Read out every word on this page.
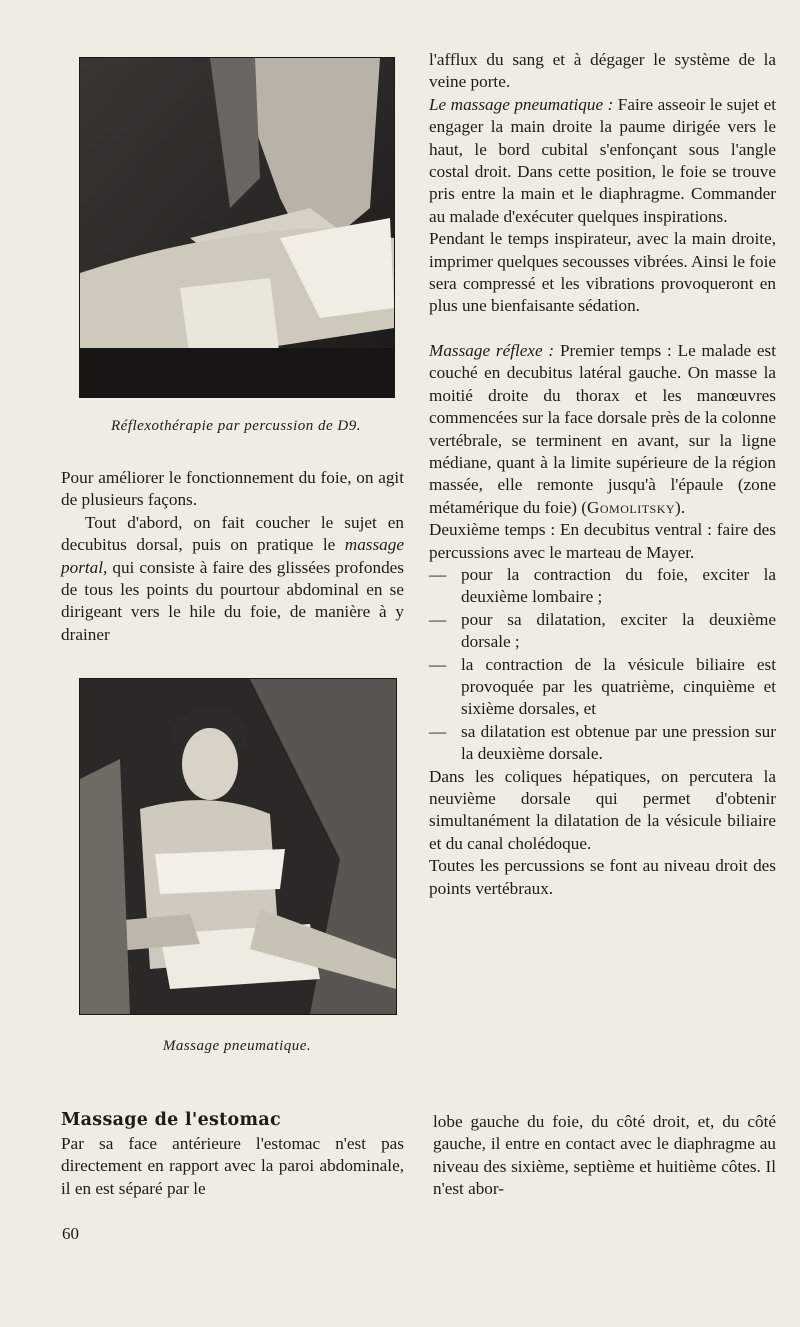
Réflexothérapie par percussion de D9.

Pour améliorer le fonctionnement du foie, on agit de plusieurs façons.

Tout d'abord, on fait coucher le sujet en decubitus dorsal, puis on pratique le massage portal, qui consiste à faire des glissées profondes de tous les points du pourtour abdominal en se dirigeant vers le hile du foie, de manière à y drainer

Massage pneumatique.

l'afflux du sang et à dégager le système de la veine porte.

Le massage pneumatique : Faire asseoir le sujet et engager la main droite la paume dirigée vers le haut, le bord cubital s'enfonçant sous l'angle costal droit. Dans cette position, le foie se trouve pris entre la main et le diaphragme. Commander au malade d'exécuter quelques inspirations.

Pendant le temps inspirateur, avec la main droite, imprimer quelques secousses vibrées. Ainsi le foie sera compressé et les vibrations provoqueront en plus une bienfaisante sédation.

Massage réflexe : Premier temps : Le malade est couché en decubitus latéral gauche. On masse la moitié droite du thorax et les manœuvres commencées sur la face dorsale près de la colonne vertébrale, se terminent en avant, sur la ligne médiane, quant à la limite supérieure de la région massée, elle remonte jusqu'à l'épaule (zone métamérique du foie) (Gomolitsky).

Deuxième temps : En decubitus ventral : faire des percussions avec le marteau de Mayer.

— pour la contraction du foie, exciter la deuxième lombaire ;
— pour sa dilatation, exciter la deuxième dorsale ;
— la contraction de la vésicule biliaire est provoquée par les quatrième, cinquième et sixième dorsales, et
— sa dilatation est obtenue par une pression sur la deuxième dorsale.

Dans les coliques hépatiques, on percutera la neuvième dorsale qui permet d'obtenir simultanément la dilatation de la vésicule biliaire et du canal cholédoque.

Toutes les percussions se font au niveau droit des points vertébraux.

Massage de l'estomac

Par sa face antérieure l'estomac n'est pas directement en rapport avec la paroi abdominale, il en est séparé par le

lobe gauche du foie, du côté droit, et, du côté gauche, il entre en contact avec le diaphragme au niveau des sixième, septième et huitième côtes. Il n'est abor-

60
